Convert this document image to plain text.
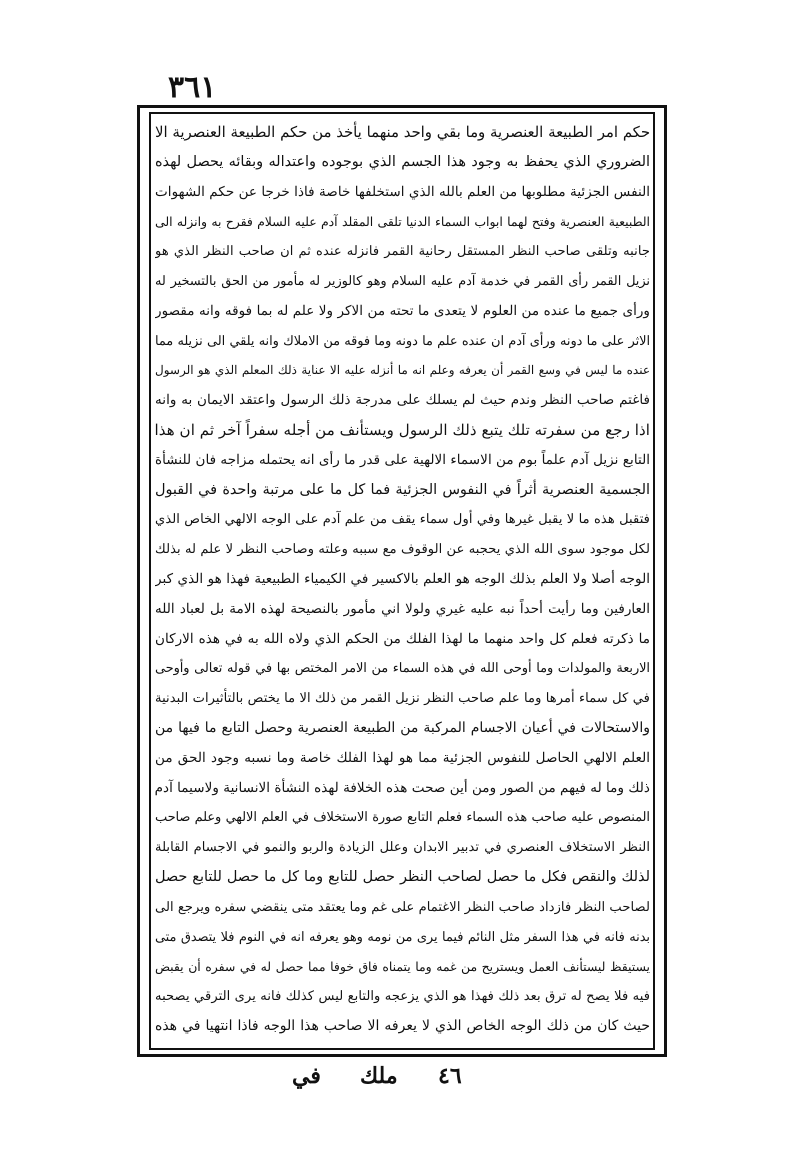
٣٦١
حكم امر الطبيعة العنصرية وما بقي واحد منهما يأخذ من حكم الطبيعة العنصرية الا
الضروري الذي يحفظ به وجود هذا الجسم الذي بوجوده واعتداله وبقائه يحصل لهذه
النفس الجزئية مطلوبها من العلم بالله الذي استخلفها خاصة فاذا خرجا عن حكم الشهوات
الطبيعية العنصرية وفتح لهما ابواب السماء الدنيا تلقى المقلد آدم عليه السلام فقرح به وانزله الى
جانبه وتلقى صاحب النظر المستقل رحانية القمر فانزله عنده ثم ان صاحب النظر الذي هو
نزيل القمر رأى القمر في خدمة آدم عليه السلام وهو كالوزير له مأمور من الحق بالتسخير له
ورأى جميع ما عنده من العلوم لا يتعدى ما تحته من الاكر ولا علم له بما فوقه وانه مقصور
الاثر على ما دونه ورأى آدم ان عنده علم ما دونه وما فوقه من الاملاك وانه يلقي الى نزيله مما
عنده ما ليس في وسع القمر أن يعرفه وعلم انه ما أنزله عليه الا عناية ذلك المعلم الذي هو الرسول
فاغتم صاحب النظر وندم حيث لم يسلك على مدرجة ذلك الرسول واعتقد الايمان به وانه
اذا رجع من سفرته تلك يتبع ذلك الرسول ويستأنف من أجله سفراً آخر ثم ان هذا
التابع نزيل آدم علماً بوم من الاسماء الالهية على قدر ما رأى انه يحتمله مزاجه فان للنشأة
الجسمية العنصرية أثراً في النفوس الجزئية فما كل ما على مرتبة واحدة في القبول
فتقبل هذه ما لا يقبل غيرها وفي أول سماء يقف من علم آدم على الوجه الالهي الخاص الذي
لكل موجود سوى الله الذي يحجبه عن الوقوف مع سببه وعلته وصاحب النظر لا علم له بذلك
الوجه أصلا ولا العلم بذلك الوجه هو العلم بالاكسير في الكيمياء الطبيعية فهذا هو الذي كبر
العارفين وما رأيت أحداً نبه عليه غيري ولولا اني مأمور بالنصيحة لهذه الامة بل لعباد الله
ما ذكرته فعلم كل واحد منهما ما لهذا الفلك من الحكم الذي ولاه الله به في هذه الاركان
الاربعة والمولدات وما أوحى الله في هذه السماء من الامر المختص بها في قوله تعالى وأوحى
في كل سماء أمرها وما علم صاحب النظر نزيل القمر من ذلك الا ما يختص بالتأثيرات البدنية
والاستحالات في أعيان الاجسام المركبة من الطبيعة العنصرية وحصل التابع ما فيها من
العلم الالهي الحاصل للنفوس الجزئية مما هو لهذا الفلك خاصة وما نسبه وجود الحق من
ذلك وما له فيهم من الصور ومن أين صحت هذه الخلافة لهذه النشأة الانسانية ولاسيما آدم
المنصوص عليه صاحب هذه السماء فعلم التابع صورة الاستخلاف في العلم الالهي وعلم صاحب
النظر الاستخلاف العنصري في تدبير الابدان وعلل الزيادة والربو والنمو في الاجسام القابلة
لذلك والنقص فكل ما حصل لصاحب النظر حصل للتابع وما كل ما حصل للتابع حصل
لصاحب النظر فازداد صاحب النظر الاغتمام على غم وما يعتقد متى ينقضي سفره ويرجع الى
بدنه فانه في هذا السفر مثل النائم فيما يرى من نومه وهو يعرفه انه في النوم فلا يتصدق متى
يستيقظ ليستأنف العمل ويستريح من غمه وما يتمناه فاق خوفا مما حصل له في سفره أن يقبض
فيه فلا يصح له ترق بعد ذلك فهذا هو الذي يزعجه والتابع ليس كذلك فانه يرى الترقي يصحبه
حيث كان من ذلك الوجه الخاص الذي لا يعرفه الا صاحب هذا الوجه فاذا انتهيا في هذه
٤٦
ملك
في
